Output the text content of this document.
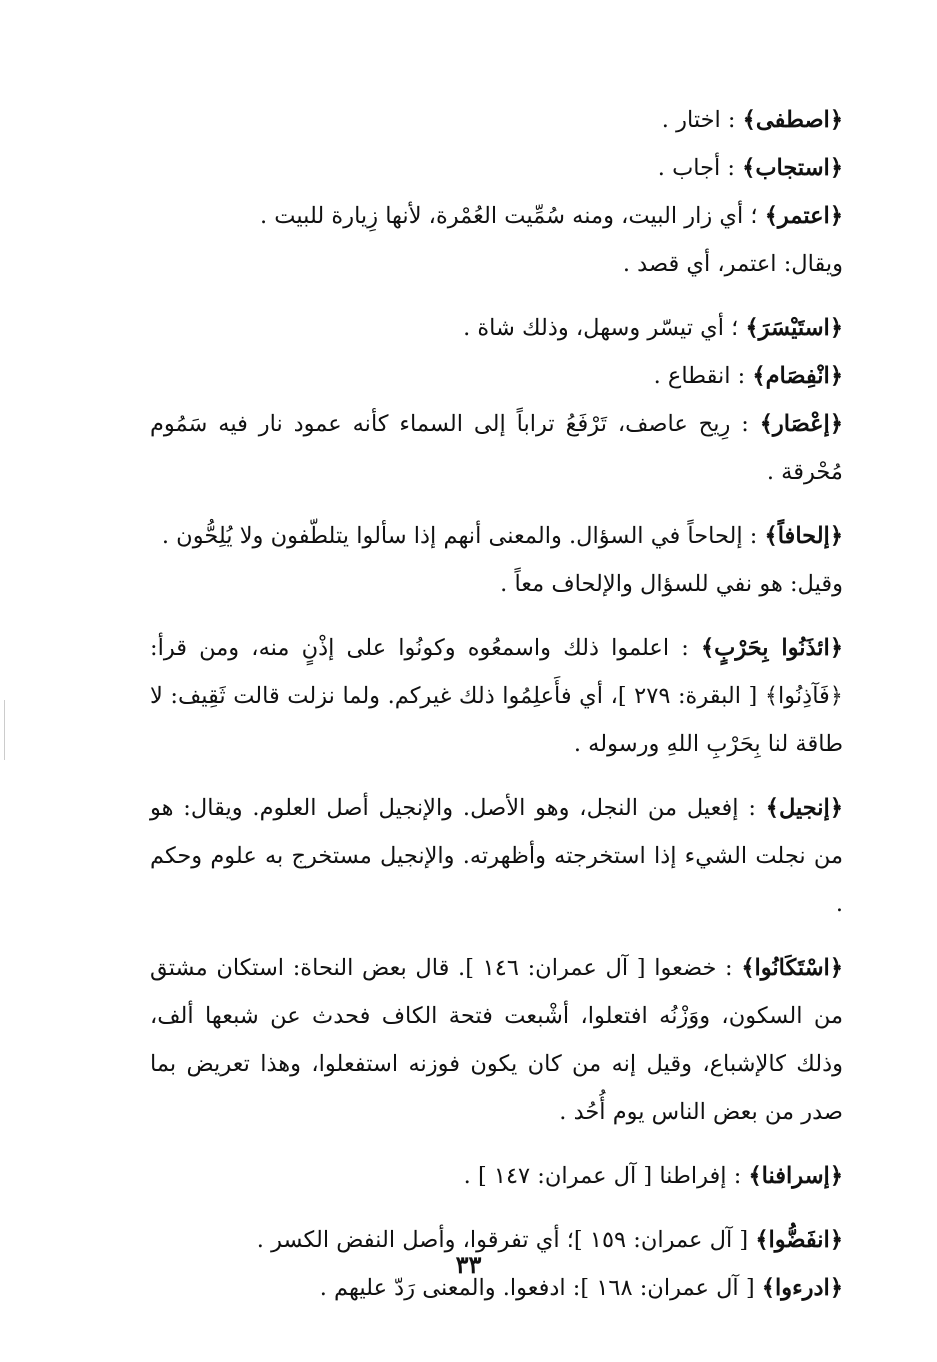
﴿اصطفى﴾ : اختار .

﴿استجاب﴾ : أجاب .

﴿اعتمر﴾ ؛ أي زار البيت، ومنه سُمِّيت العُمْرة، لأنها زِيارة للبيت .

ويقال: اعتمر، أي قصد .

﴿استَيْسَرَ﴾ ؛ أي تيسّر وسهل، وذلك شاة .

﴿انْفِصَام﴾ : انقطاع .

﴿إعْصَار﴾ : رِيح عاصف، تَرْفَعُ تراباً إلى السماء كأنه عمود نار فيه سَمُوم مُحْرقة .

﴿إلحافاً﴾ : إلحاحاً في السؤال. والمعنى أنهم إذا سألوا يتلطّفون ولا يُلِحُّون .

وقيل: هو نفي للسؤال والإلحاف معاً .

﴿ائذَنُوا بِحَرْبٍ﴾ : اعلموا ذلك واسمعُوه وكونُوا على إذْنٍ منه، ومن قرأ: ﴿فَآذِنُوا﴾ [ البقرة: ٢٧٩ ]، أي فأَعلِمُوا ذلك غيركم. ولما نزلت قالت ثَقِيف: لا طاقة لنا بِحَرْبِ اللهِ ورسوله .

﴿إنجيل﴾ : إفعيل من النجل، وهو الأصل. والإنجيل أصل العلوم. ويقال: هو من نجلت الشيء إذا استخرجته وأظهرته. والإنجيل مستخرج به علوم وحكم .

﴿اسْتَكَانُوا﴾ : خضعوا [ آل عمران: ١٤٦ ]. قال بعض النحاة: استكان مشتق من السكون، ووَزْنُه افتعلوا، أشْبعت فتحة الكاف فحدث عن شبعها ألف، وذلك كالإشباع، وقيل إنه من كان يكون فوزنه استفعلوا، وهذا تعريض بما صدر من بعض الناس يوم أُحُد .

﴿إسرافنا﴾ : إفراطنا [ آل عمران: ١٤٧ ] .

﴿انفَضُّوا﴾ [ آل عمران: ١٥٩ ]؛ أي تفرقوا، وأصل النفض الكسر .

﴿ادرءوا﴾ [ آل عمران: ١٦٨ ]: ادفعوا. والمعنى رَدّ عليهم .

٣٣
